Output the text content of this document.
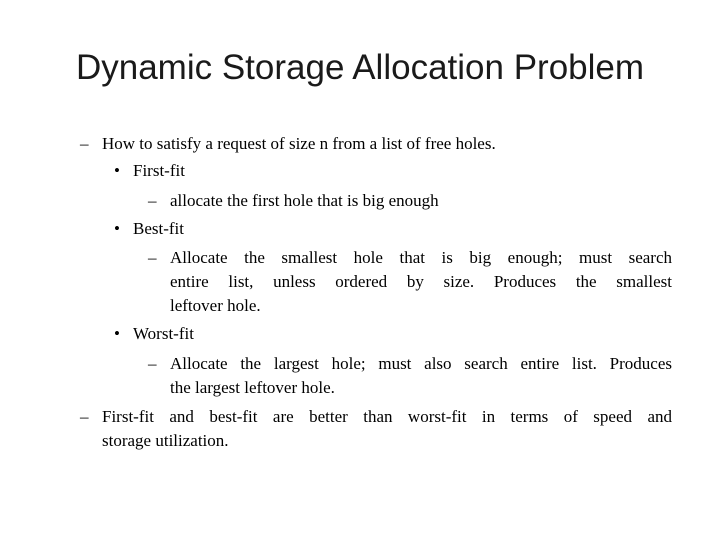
Dynamic Storage Allocation Problem
– How to satisfy a request of size n from a list of free holes.
• First-fit
– allocate the first hole that is big enough
• Best-fit
– Allocate the smallest hole that is big enough; must search
entire list, unless ordered by size. Produces the smallest
leftover hole.
• Worst-fit
– Allocate the largest hole; must also search entire list. Produces
the largest leftover hole.
– First-fit and best-fit are better than worst-fit in terms of speed and
storage utilization.
